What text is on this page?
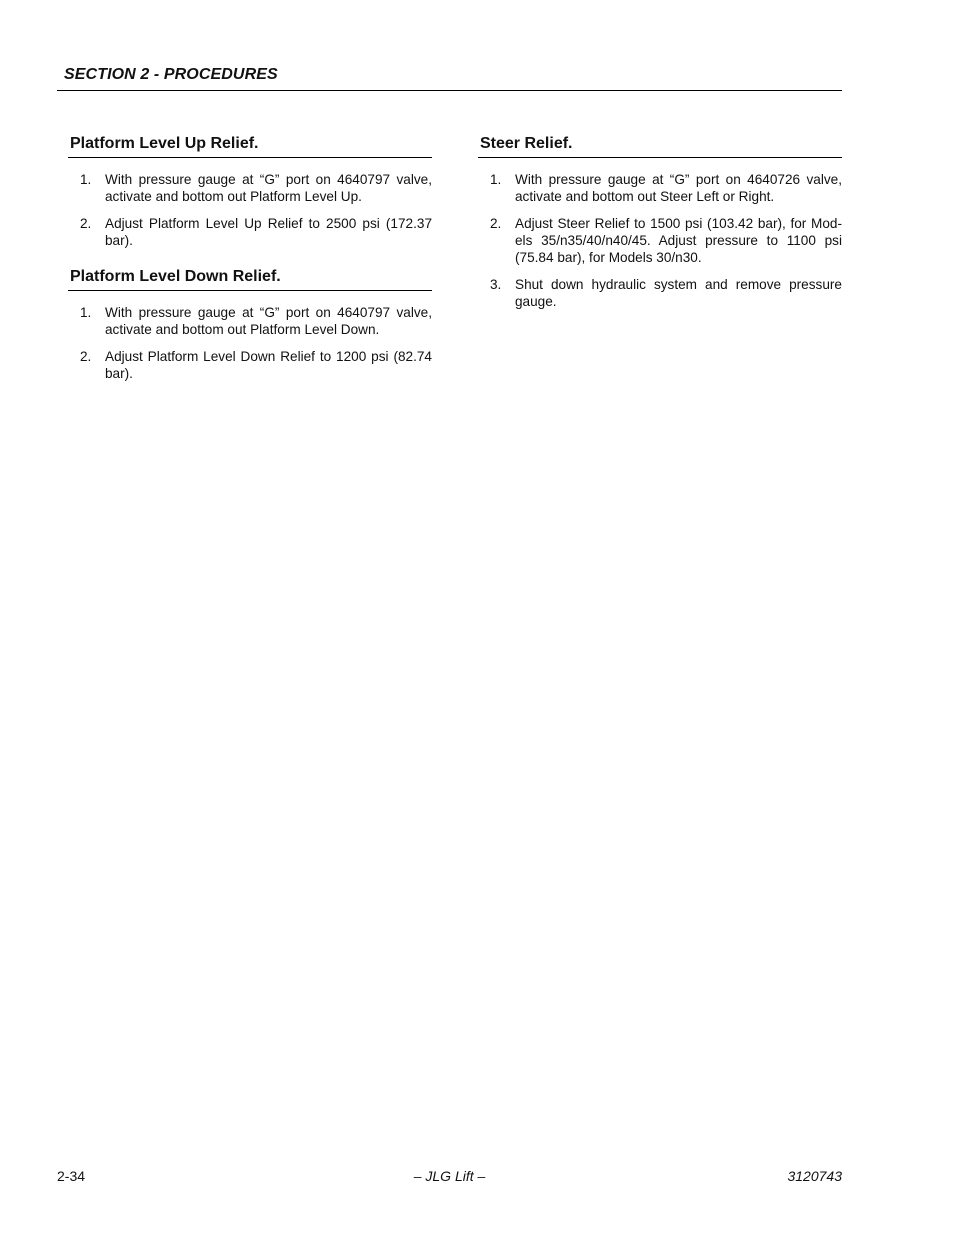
SECTION 2 - PROCEDURES
Platform Level Up Relief.
1. With pressure gauge at “G” port on 4640797 valve, activate and bottom out Platform Level Up.
2. Adjust Platform Level Up Relief to 2500 psi (172.37 bar).
Platform Level Down Relief.
1. With pressure gauge at “G” port on 4640797 valve, activate and bottom out Platform Level Down.
2. Adjust Platform Level Down Relief to 1200 psi (82.74 bar).
Steer Relief.
1. With pressure gauge at “G” port on 4640726 valve, activate and bottom out Steer Left or Right.
2. Adjust Steer Relief to 1500 psi (103.42 bar), for Mod-els 35/n35/40/n40/45. Adjust pressure to 1100 psi (75.84 bar), for Models 30/n30.
3. Shut down hydraulic system and remove pressure gauge.
2-34	– JLG Lift –	3120743
